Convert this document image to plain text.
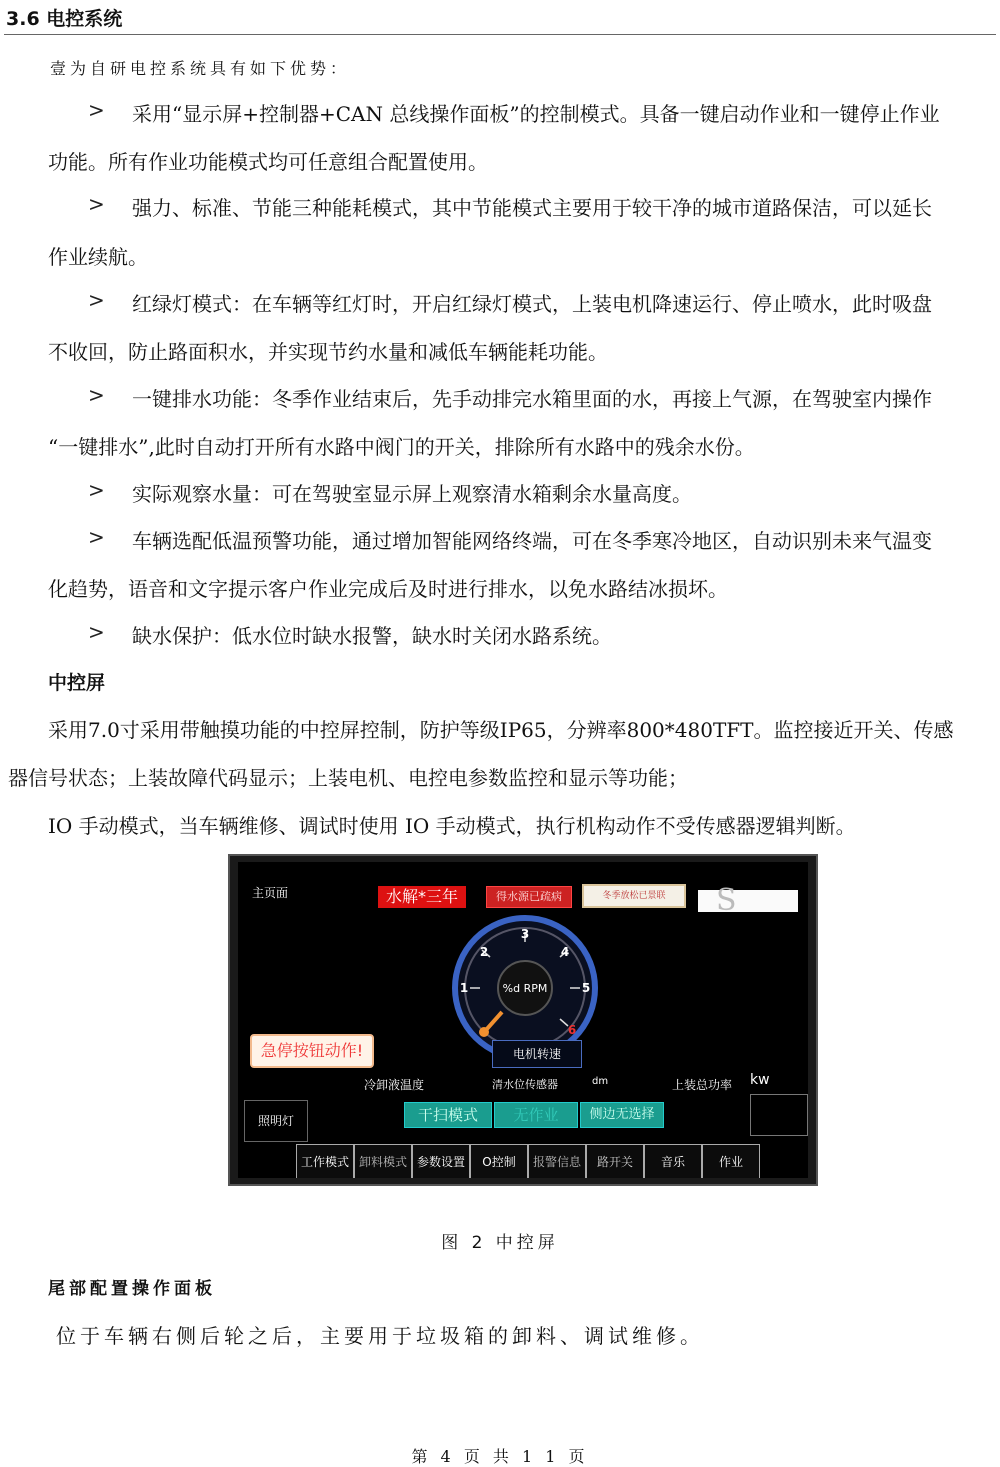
3.6 电控系统
壹为自研电控系统具有如下优势：
> 采用“显示屏+控制器+CAN 总线操作面板”的控制模式。具备一键启动作业和一键停止作业
功能。所有作业功能模式均可任意组合配置使用。
> 强力、标准、节能三种能耗模式，其中节能模式主要用于较干净的城市道路保洁，可以延长
作业续航。
> 红绿灯模式：在车辆等红灯时，开启红绿灯模式，上装电机降速运行、停止喷水，此时吸盘
不收回，防止路面积水，并实现节约水量和减低车辆能耗功能。
> 一键排水功能：冬季作业结束后，先手动排完水箱里面的水，再接上气源，在驾驶室内操作
“一键排水”,此时自动打开所有水路中阀门的开关，排除所有水路中的残余水份。
> 实际观察水量：可在驾驶室显示屏上观察清水箱剩余水量高度。
> 车辆选配低温预警功能，通过增加智能网络终端，可在冬季寒冷地区，自动识别未来气温变
化趋势，语音和文字提示客户作业完成后及时进行排水，以免水路结冰损坏。
> 缺水保护：低水位时缺水报警，缺水时关闭水路系统。
中控屏
采用7.0寸采用带触摸功能的中控屏控制，防护等级IP65，分辨率800*480TFT。监控接近开关、传感
器信号状态；上装故障代码显示；上装电机、电控电参数监控和显示等功能；
IO 手动模式，当车辆维修、调试时使用 IO 手动模式，执行机构动作不受传感器逻辑判断。
主页面	水解*三年	得水源已疏病	冬季放松已景联	S
1
2
3
4
5
6
%d RPM
急停按钮动作!	电机转速
冷卸液温度	清水位传感器	dm	上装总功率 kw
照明灯	干扫模式	无作业	侧边无选择
工作模式 卸料模式 参数设置	O控制	报警信息	路开关	音乐	作业
图 2 中控屏
尾部配置操作面板
位于车辆右侧后轮之后，主要用于垃圾箱的卸料、调试维修。
第 4 页 共 1 1 页
